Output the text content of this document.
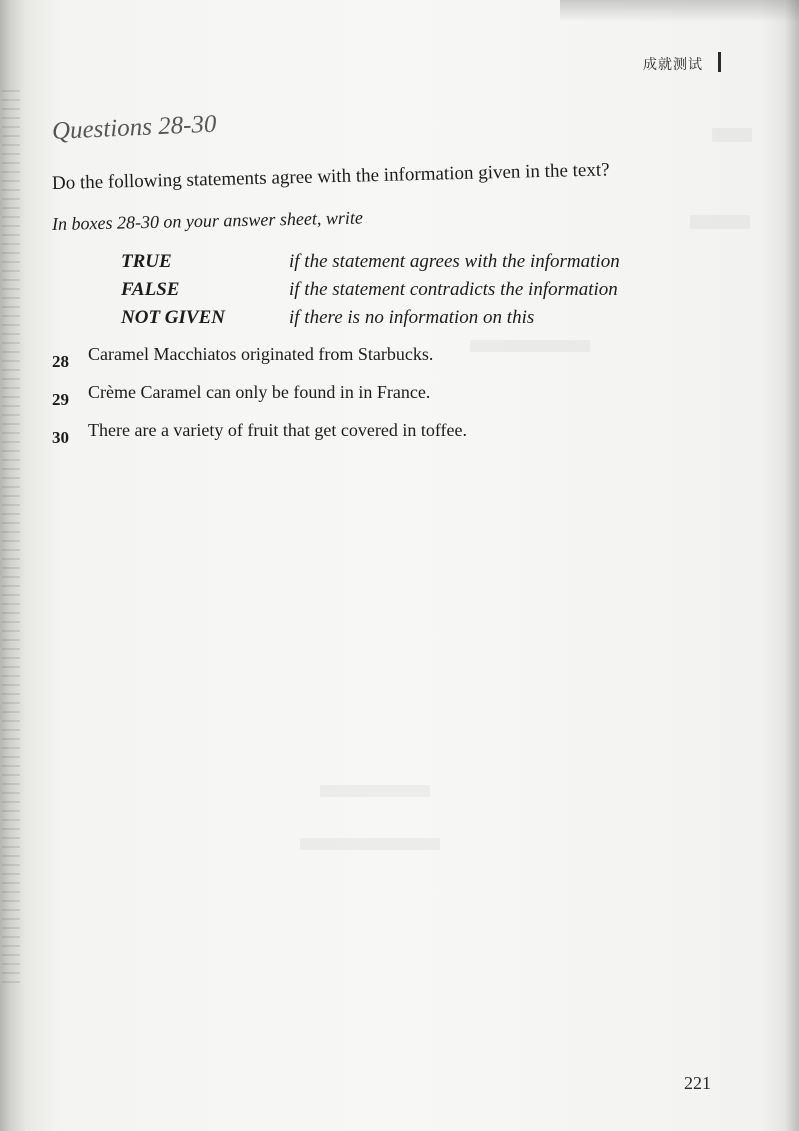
成就测试
Questions 28-30
Do the following statements agree with the information given in the text?
In boxes 28-30 on your answer sheet, write
TRUE	if the statement agrees with the information
FALSE	if the statement contradicts the information
NOT GIVEN	if there is no information on this
28 Caramel Macchiatos originated from Starbucks.
29 Crème Caramel can only be found in in France.
30 There are a variety of fruit that get covered in toffee.
221
